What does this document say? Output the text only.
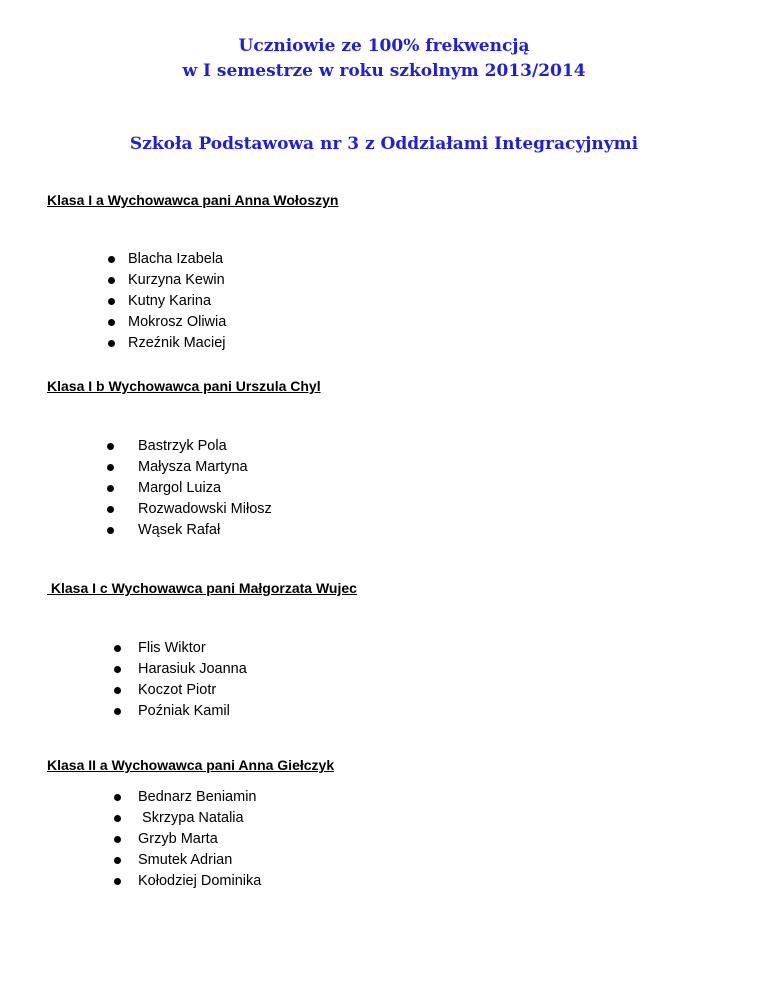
Uczniowie ze 100% frekwencją
w I semestrze w roku szkolnym 2013/2014
Szkoła Podstawowa nr 3 z Oddziałami Integracyjnymi
Klasa I a Wychowawca pani Anna Wołoszyn
Blacha Izabela
Kurzyna Kewin
Kutny Karina
Mokrosz Oliwia
Rzeźnik Maciej
Klasa I b Wychowawca pani Urszula Chyl
Bastrzyk Pola
Małysza Martyna
Margol Luiza
Rozwadowski Miłosz
Wąsek Rafał
Klasa I c Wychowawca pani Małgorzata Wujec
Flis Wiktor
Harasiuk Joanna
Koczot Piotr
Poźniak Kamil
Klasa II a Wychowawca pani Anna Giełczyk
Bednarz Beniamin
Skrzypa Natalia
Grzyb Marta
Smutek Adrian
Kołodziej Dominika
